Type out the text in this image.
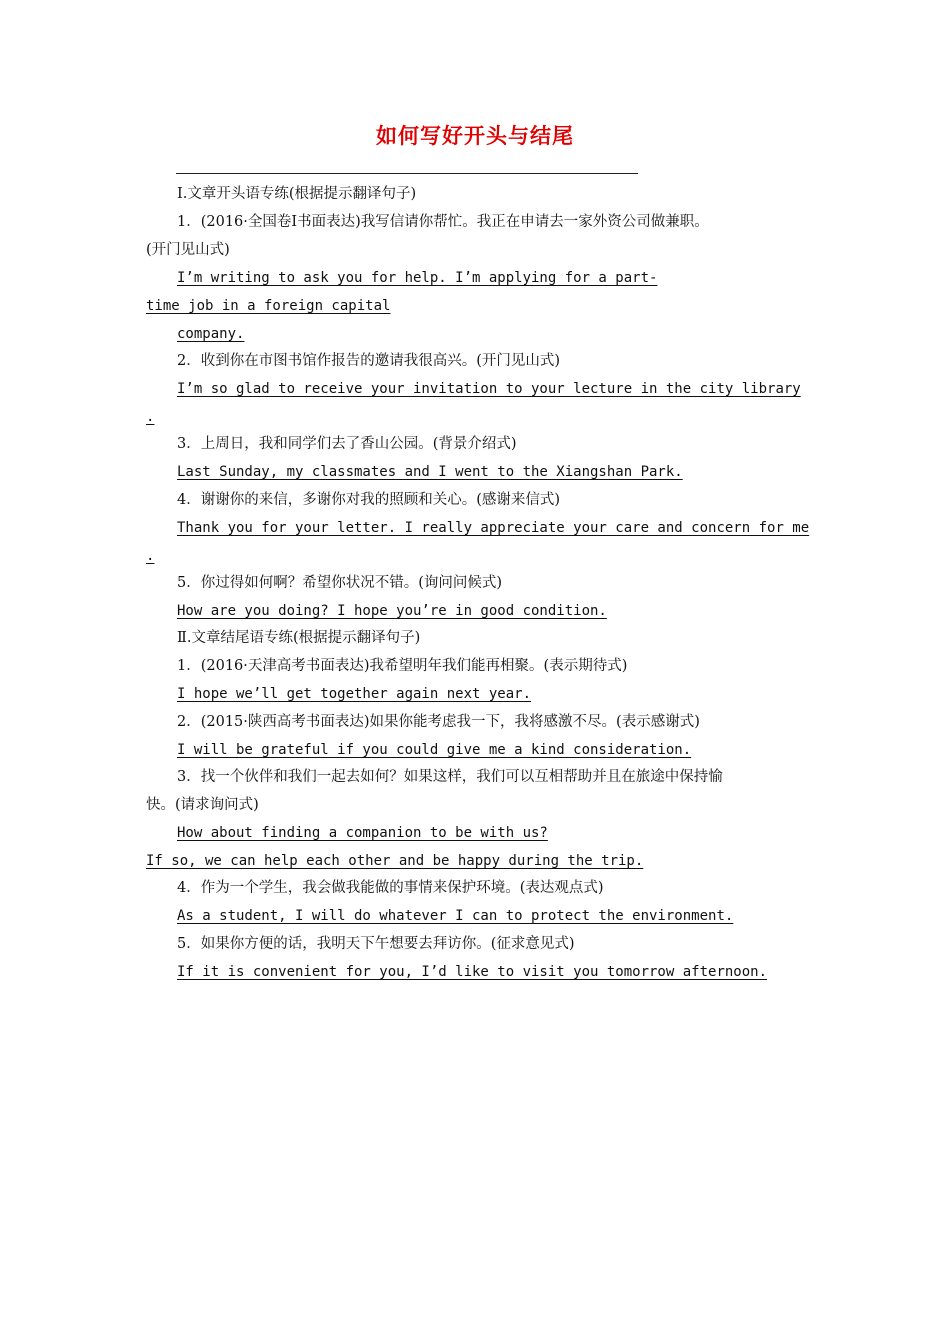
如何写好开头与结尾

Ⅰ.文章开头语专练(根据提示翻译句子)

1．(2016·全国卷Ⅰ书面表达)我写信请你帮忙。我正在申请去一家外资公司做兼职。

(开门见山式)

I’m writing to ask you for help. I’m applying for a part-

time job in a foreign capital

company.

2．收到你在市图书馆作报告的邀请我很高兴。(开门见山式)

I’m so glad to receive your invitation to your lecture in the city library

.

3．上周日，我和同学们去了香山公园。(背景介绍式)

Last Sunday, my classmates and I went to the Xiangshan Park.

4．谢谢你的来信，多谢你对我的照顾和关心。(感谢来信式)

Thank you for your letter. I really appreciate your care and concern for me

.

5．你过得如何啊？希望你状况不错。(询问问候式)

How are you doing? I hope you’re in good condition.

Ⅱ.文章结尾语专练(根据提示翻译句子)

1．(2016·天津高考书面表达)我希望明年我们能再相聚。(表示期待式)

I hope we’ll get together again next year.

2．(2015·陕西高考书面表达)如果你能考虑我一下，我将感激不尽。(表示感谢式)

I will be grateful if you could give me a kind consideration.

3．找一个伙伴和我们一起去如何？如果这样，我们可以互相帮助并且在旅途中保持愉

快。(请求询问式)

How about finding a companion to be with us?

If so, we can help each other and be happy during the trip.

4．作为一个学生，我会做我能做的事情来保护环境。(表达观点式)

As a student, I will do whatever I can to protect the environment.

5．如果你方便的话，我明天下午想要去拜访你。(征求意见式)

If it is convenient for you, I’d like to visit you tomorrow afternoon.
